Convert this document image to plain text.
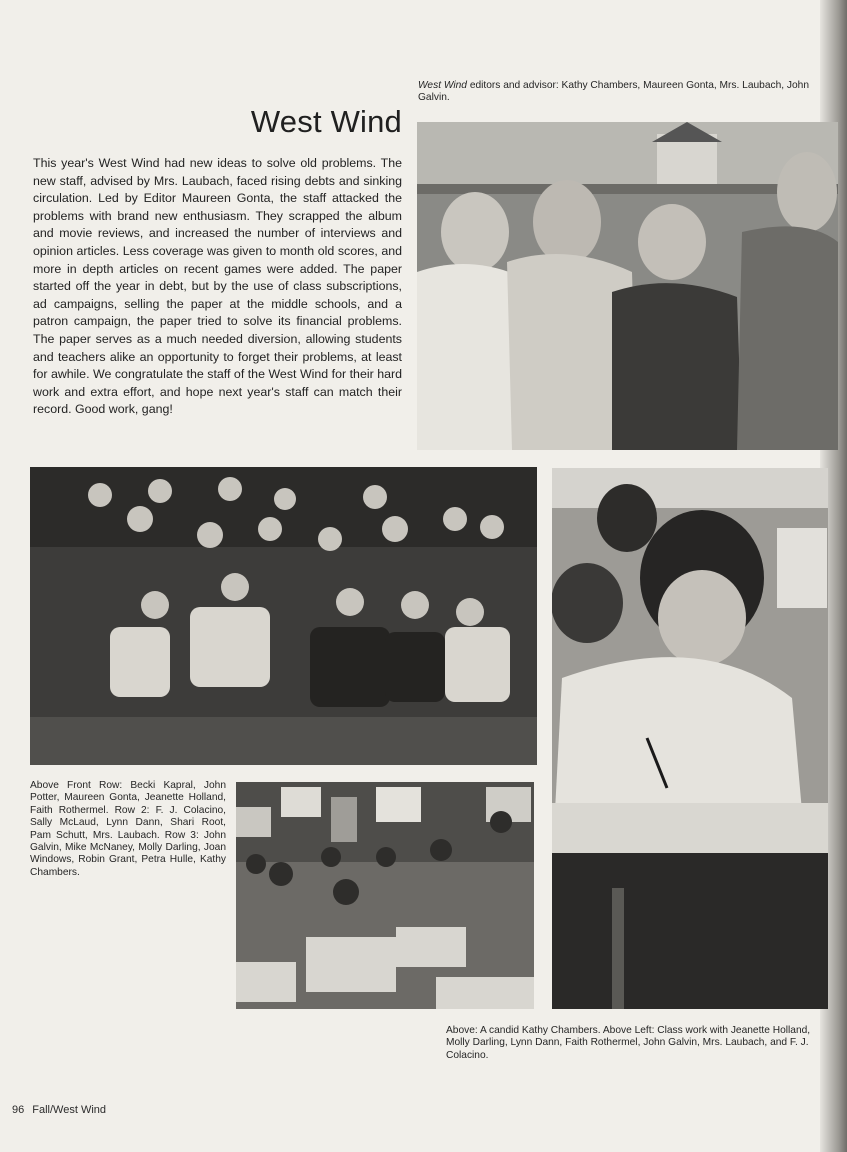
West Wind editors and advisor: Kathy Chambers, Maureen Gonta, Mrs. Laubach, John Galvin.

West Wind

This year's West Wind had new ideas to solve old problems. The new staff, advised by Mrs. Laubach, faced rising debts and sinking circulation. Led by Editor Maureen Gonta, the staff attacked the problems with brand new enthusiasm. They scrapped the album and movie reviews, and increased the number of interviews and opinion articles. Less coverage was given to month old scores, and more in depth articles on recent games were added. The paper started off the year in debt, but by the use of class subscriptions, ad campaigns, selling the paper at the middle schools, and a patron campaign, the paper tried to solve its financial problems. The paper serves as a much needed diversion, allowing students and teachers alike an opportunity to forget their problems, at least for awhile. We congratulate the staff of the West Wind for their hard work and extra effort, and hope next year's staff can match their record. Good work, gang!

Above Front Row: Becki Kapral, John Potter, Maureen Gonta, Jeanette Holland, Faith Rothermel. Row 2: F. J. Colacino, Sally McLaud, Lynn Dann, Shari Root, Pam Schutt, Mrs. Laubach. Row 3: John Galvin, Mike McNaney, Molly Darling, Joan Windows, Robin Grant, Petra Hulle, Kathy Chambers.

Above: A candid Kathy Chambers. Above Left: Class work with Jeanette Holland, Molly Darling, Lynn Dann, Faith Rothermel, John Galvin, Mrs. Laubach, and F. J. Colacino.

96 Fall/West Wind
